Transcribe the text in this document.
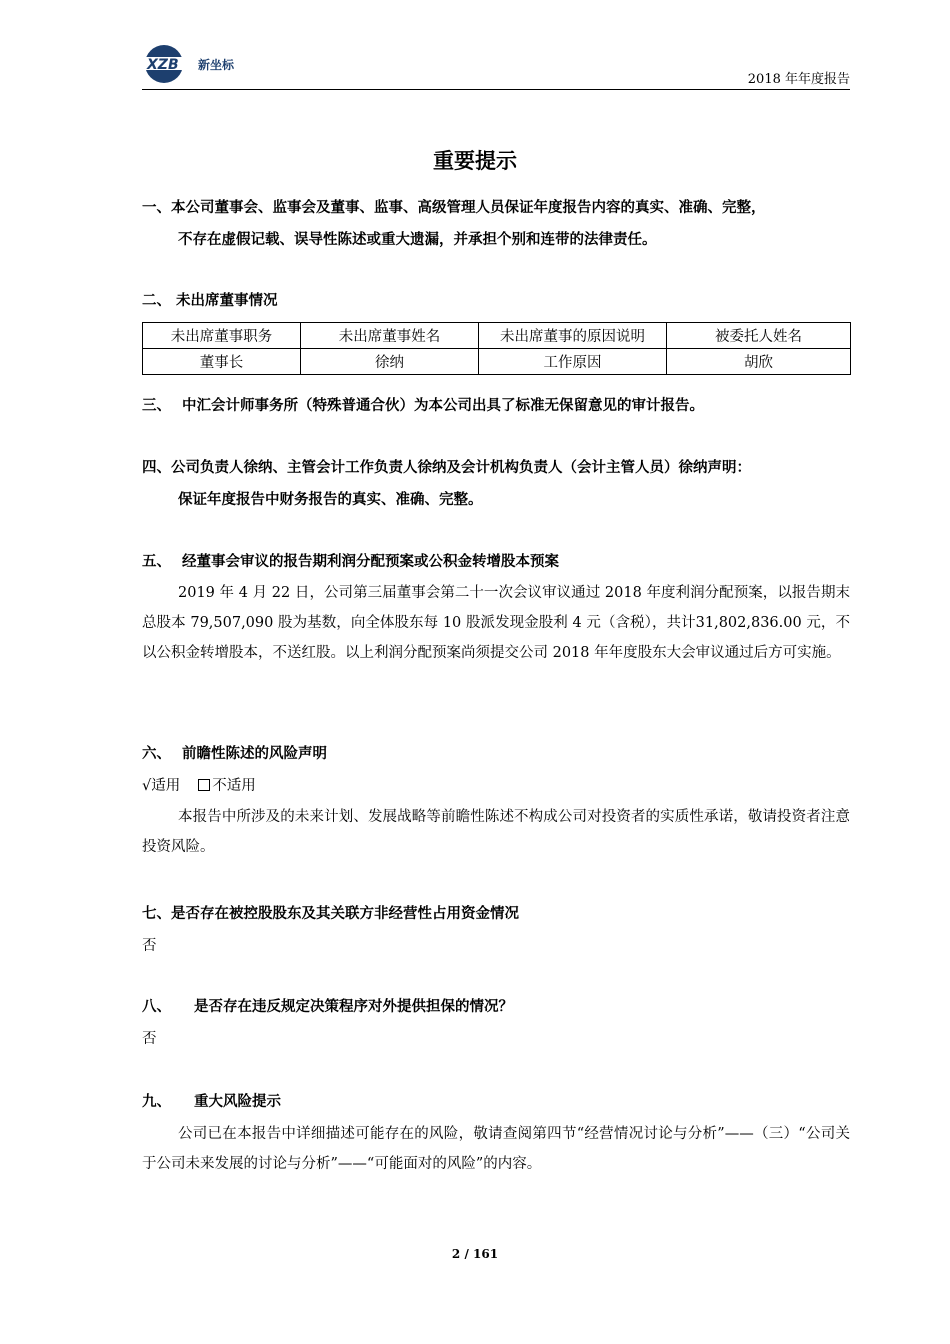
XZB 新坐标
2018 年年度报告
重要提示
一、本公司董事会、监事会及董事、监事、高级管理人员保证年度报告内容的真实、准确、完整，
不存在虚假记载、误导性陈述或重大遗漏，并承担个别和连带的法律责任。
二、 未出席董事情况
未出席董事职务	未出席董事姓名	未出席董事的原因说明	被委托人姓名
董事长	徐纳	工作原因	胡欣
三、 中汇会计师事务所（特殊普通合伙）为本公司出具了标准无保留意见的审计报告。
四、公司负责人徐纳、主管会计工作负责人徐纳及会计机构负责人（会计主管人员）徐纳声明：
保证年度报告中财务报告的真实、准确、完整。
五、 经董事会审议的报告期利润分配预案或公积金转增股本预案
2019 年 4 月 22 日，公司第三届董事会第二十一次会议审议通过 2018 年度利润分配预案，以报告期末总股本 79,507,090 股为基数，向全体股东每 10 股派发现金股利 4 元（含税），共计31,802,836.00 元，不以公积金转增股本，不送红股。以上利润分配预案尚须提交公司 2018 年年度股东大会审议通过后方可实施。
六、 前瞻性陈述的风险声明
√适用 不适用
本报告中所涉及的未来计划、发展战略等前瞻性陈述不构成公司对投资者的实质性承诺，敬请投资者注意投资风险。
七、是否存在被控股股东及其关联方非经营性占用资金情况
否
八、 是否存在违反规定决策程序对外提供担保的情况？
否
九、 重大风险提示
公司已在本报告中详细描述可能存在的风险，敬请查阅第四节“经营情况讨论与分析”——（三）“公司关于公司未来发展的讨论与分析”——“可能面对的风险”的内容。
2 / 161
